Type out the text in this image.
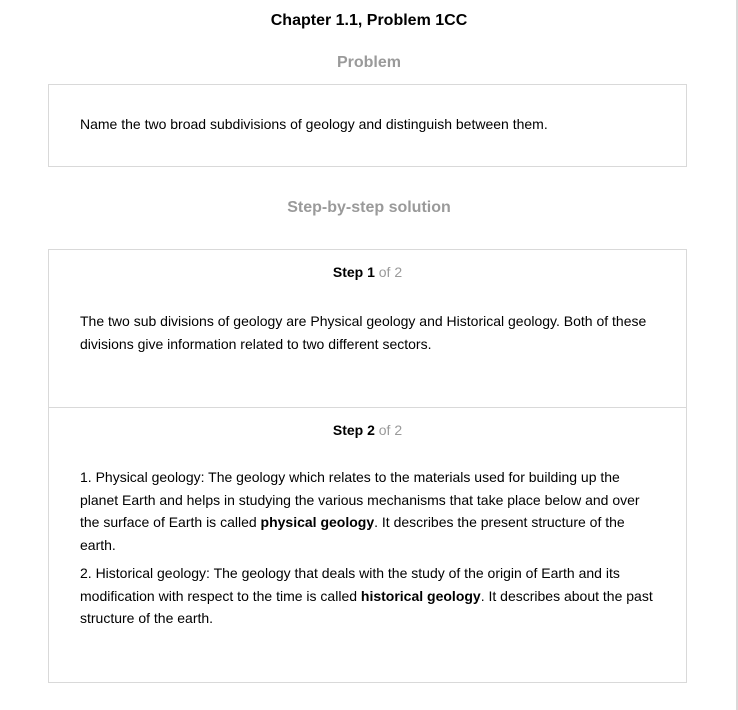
Chapter 1.1, Problem 1CC
Problem
Name the two broad subdivisions of geology and distinguish between them.
Step-by-step solution
Step 1 of 2

The two sub divisions of geology are Physical geology and Historical geology. Both of these divisions give information related to two different sectors.

Step 2 of 2

1. Physical geology: The geology which relates to the materials used for building up the planet Earth and helps in studying the various mechanisms that take place below and over the surface of Earth is called physical geology. It describes the present structure of the earth.

2. Historical geology: The geology that deals with the study of the origin of Earth and its modification with respect to the time is called historical geology. It describes about the past structure of the earth.
